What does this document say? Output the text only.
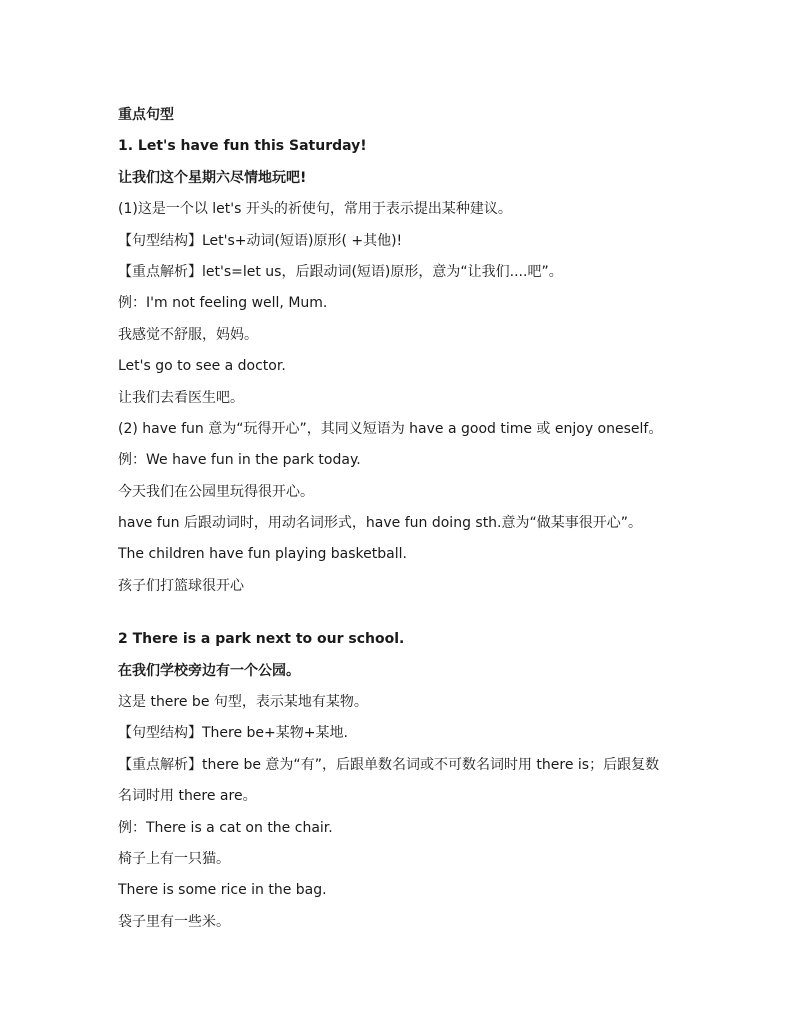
重点句型
1. Let's have fun this Saturday!
让我们这个星期六尽情地玩吧!
(1)这是一个以 let's 开头的祈使句，常用于表示提出某种建议。
【句型结构】Let's+动词(短语)原形( +其他)!
【重点解析】let's=let us，后跟动词(短语)原形，意为“让我们....吧”。
例：I'm not feeling well, Mum.
我感觉不舒服，妈妈。
Let's go to see a doctor.
让我们去看医生吧。
(2) have fun 意为“玩得开心”，其同义短语为 have a good time 或 enjoy oneself。
例：We have fun in the park today.
今天我们在公园里玩得很开心。
have fun 后跟动词时，用动名词形式，have fun doing sth.意为“做某事很开心”。
The children have fun playing basketball.
孩子们打篮球很开心
2 There is a park next to our school.
在我们学校旁边有一个公园。
这是 there be 句型，表示某地有某物。
【句型结构】There be+某物+某地.
【重点解析】there be 意为“有”，后跟单数名词或不可数名词时用 there is；后跟复数
名词时用 there are。
例：There is a cat on the chair.
椅子上有一只猫。
There is some rice in the bag.
袋子里有一些米。
